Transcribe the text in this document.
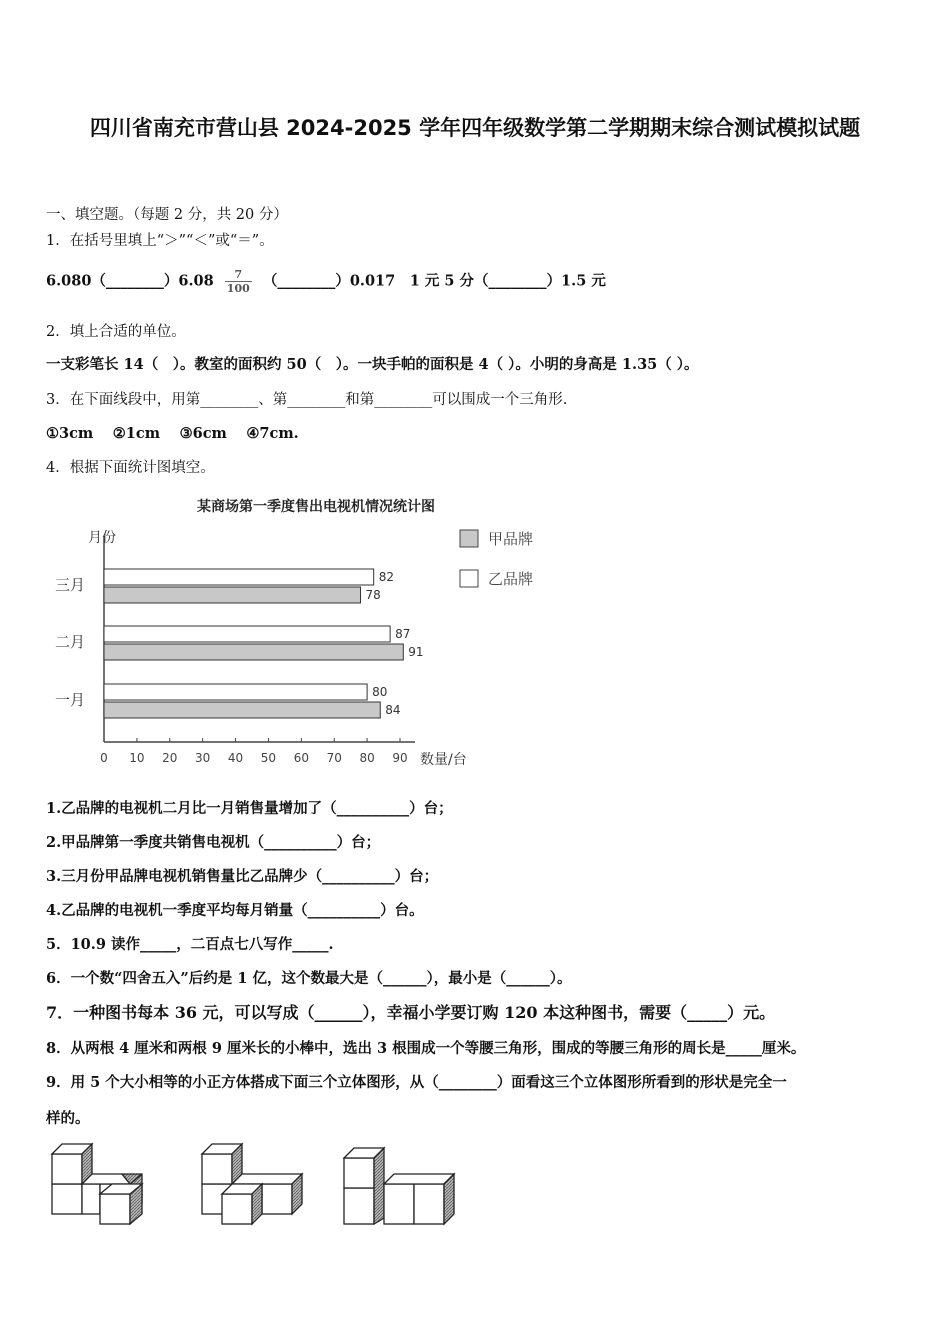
四川省南充市营山县 2024-2025 学年四年级数学第二学期期末综合测试模拟试题
一、填空题。（每题 2 分，共 20 分）
1．在括号里填上“＞”“＜”或“＝”。
6.080（________）6.08 $\frac{7}{100}$ （________）0.017　1 元 5 分（________）1.5 元
2．填上合适的单位。
一支彩笔长 14（　）。教室的面积约 50（　）。一块手帕的面积是 4（ ）。小明的身高是 1.35（ ）。
3．在下面线段中，用第________、第________和第________可以围成一个三角形.
①3cm　 ②1cm　 ③6cm　 ④7cm.
4．根据下面统计图填空。
某商场第一季度售出电视机情况统计图
月份
数量/台
0 10 20 30 40 50 60 70 80 90
一月	80
84
二月	87
91
三月	82
78
甲品牌
乙品牌
1.乙品牌的电视机二月比一月销售量增加了（__________）台；
2.甲品牌第一季度共销售电视机（__________）台；
3.三月份甲品牌电视机销售量比乙品牌少（__________）台；
4.乙品牌的电视机一季度平均每月销量（__________）台。
5．10.9 读作_____，二百点七八写作_____.
6．一个数“四舍五入”后约是 1 亿，这个数最大是（______），最小是（______）。
7．一种图书每本 36 元，可以写成（______），幸福小学要订购 120 本这种图书，需要（_____）元。
8．从两根 4 厘米和两根 9 厘米长的小棒中，选出 3 根围成一个等腰三角形，围成的等腰三角形的周长是_____厘米。
9．用 5 个大小相等的小正方体搭成下面三个立体图形，从（________）面看这三个立体图形所看到的形状是完全一
样的。
